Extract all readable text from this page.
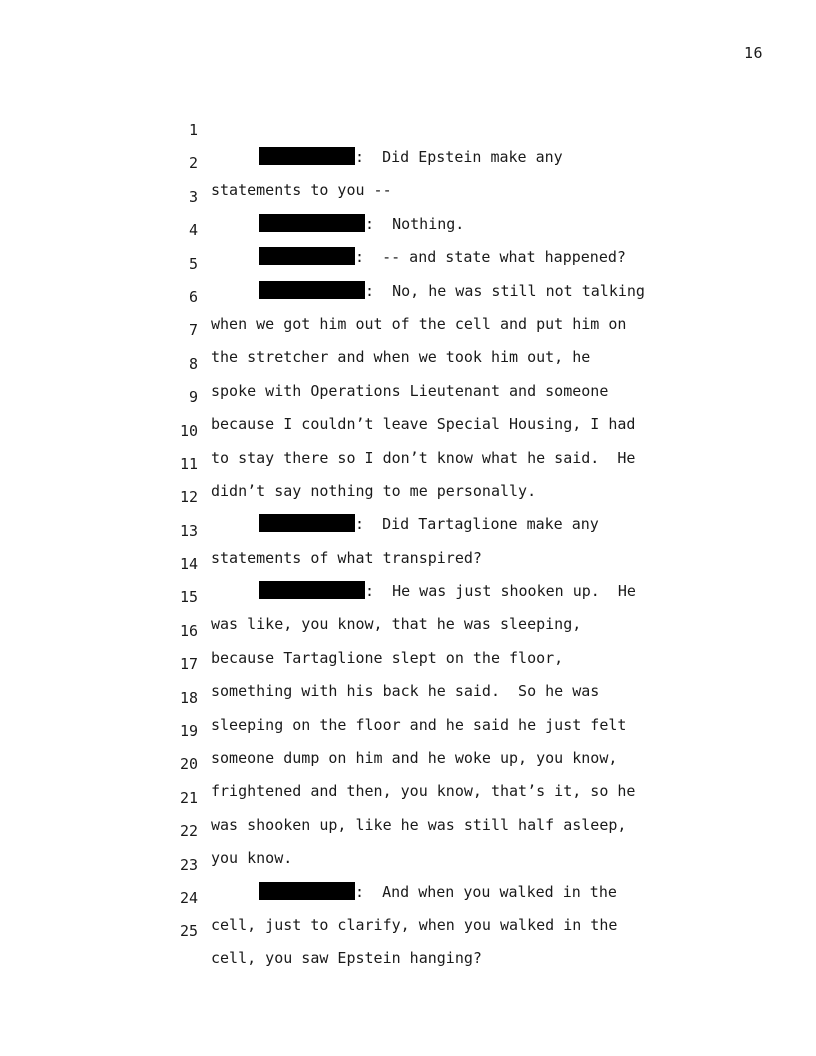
16

1

:  Did Epstein make any

2

statements to you --

3

:  Nothing.

4

:  -- and state what happened?

5

:  No, he was still not talking

6

when we got him out of the cell and put him on

7

the stretcher and when we took him out, he

8

spoke with Operations Lieutenant and someone

9

because I couldn’t leave Special Housing, I had

10

to stay there so I don’t know what he said.  He

11

didn’t say nothing to me personally.

12

:  Did Tartaglione make any

13

statements of what transpired?

14

:  He was just shooken up.  He

15

was like, you know, that he was sleeping,

16

because Tartaglione slept on the floor,

17

something with his back he said.  So he was

18

sleeping on the floor and he said he just felt

19

someone dump on him and he woke up, you know,

20

frightened and then, you know, that’s it, so he

21

was shooken up, like he was still half asleep,

22

you know.

23

:  And when you walked in the

24

cell, just to clarify, when you walked in the

25

cell, you saw Epstein hanging?
